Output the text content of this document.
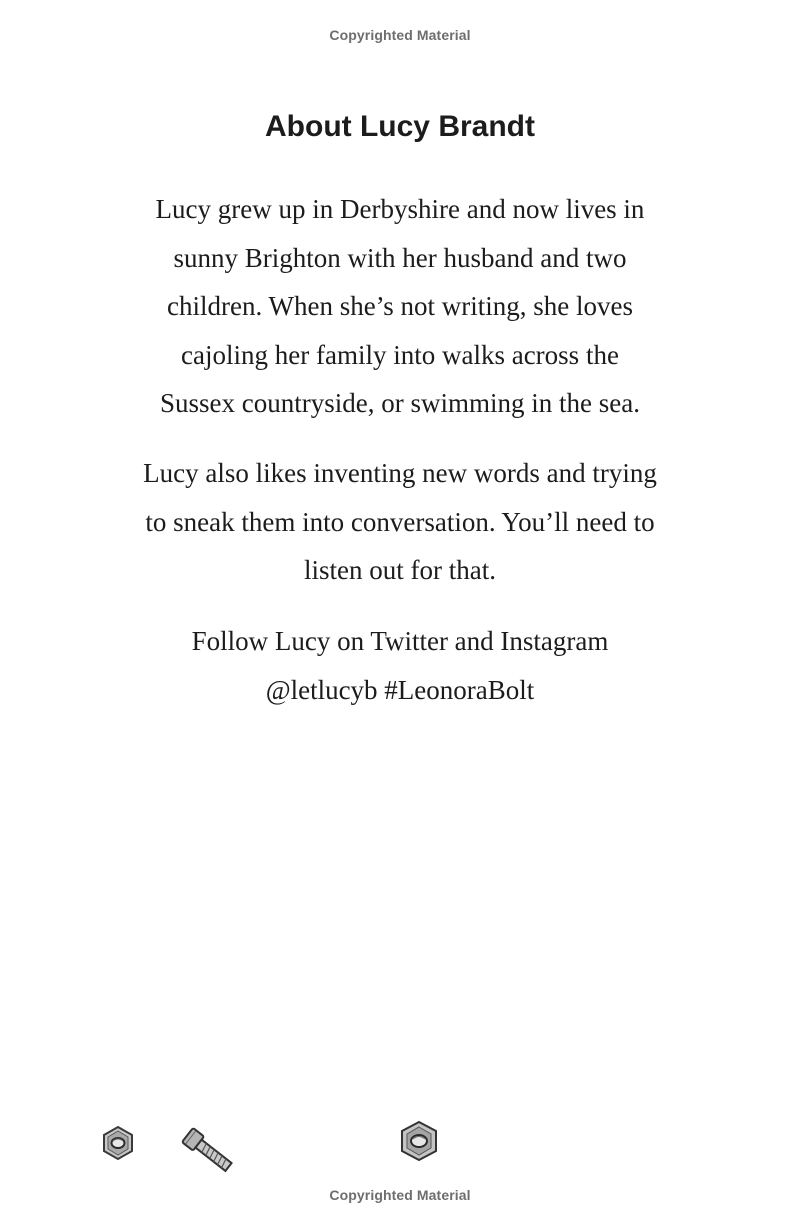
Copyrighted Material
About Lucy Brandt
Lucy grew up in Derbyshire and now lives in
sunny Brighton with her husband and two
children. When she’s not writing, she loves
cajoling her family into walks across the
Sussex countryside, or swimming in the sea.
Lucy also likes inventing new words and trying
to sneak them into conversation. You’ll need to
listen out for that.
Follow Lucy on Twitter and Instagram
@letlucyb #LeonoraBolt
Copyrighted Material
